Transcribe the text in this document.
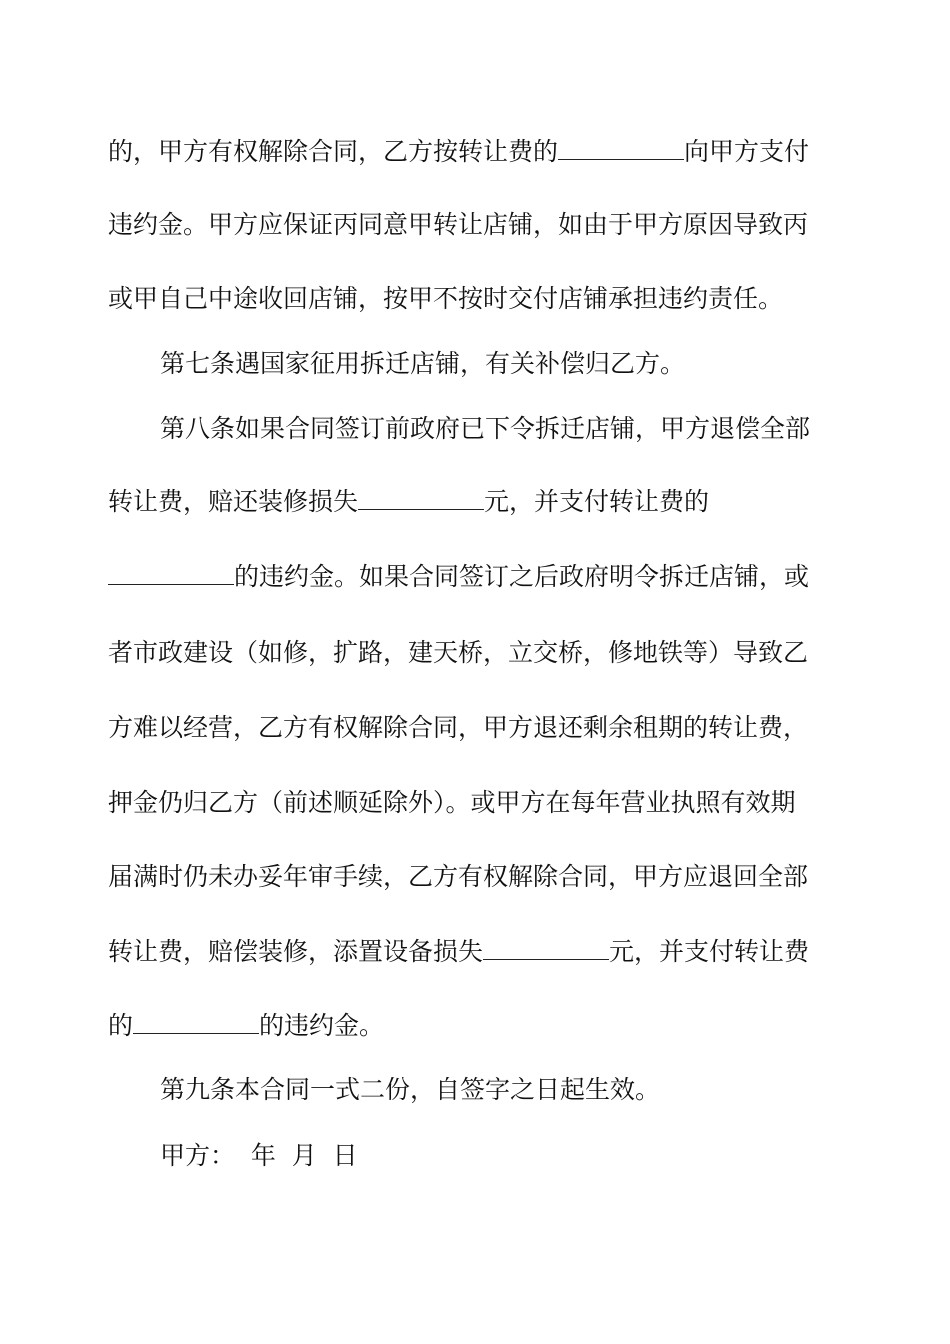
的，甲方有权解除合同，乙方按转让费的	向甲方支付
违约金。甲方应保证丙同意甲转让店铺，如由于甲方原因导致丙
或甲自己中途收回店铺，按甲不按时交付店铺承担违约责任。
第七条遇国家征用拆迁店铺，有关补偿归乙方。
第八条如果合同签订前政府已下令拆迁店铺，甲方退偿全部
转让费，赔还装修损失	元，并支付转让费的
的违约金。如果合同签订之后政府明令拆迁店铺，或
者市政建设（如修，扩路，建天桥，立交桥，修地铁等）导致乙
方难以经营，乙方有权解除合同，甲方退还剩余租期的转让费，
押金仍归乙方（前述顺延除外）。或甲方在每年营业执照有效期
届满时仍未办妥年审手续，乙方有权解除合同，甲方应退回全部
转让费，赔偿装修，添置设备损失	元，并支付转让费
的	的违约金。
第九条本合同一式二份，自签字之日起生效。
甲方：  年  月  日
